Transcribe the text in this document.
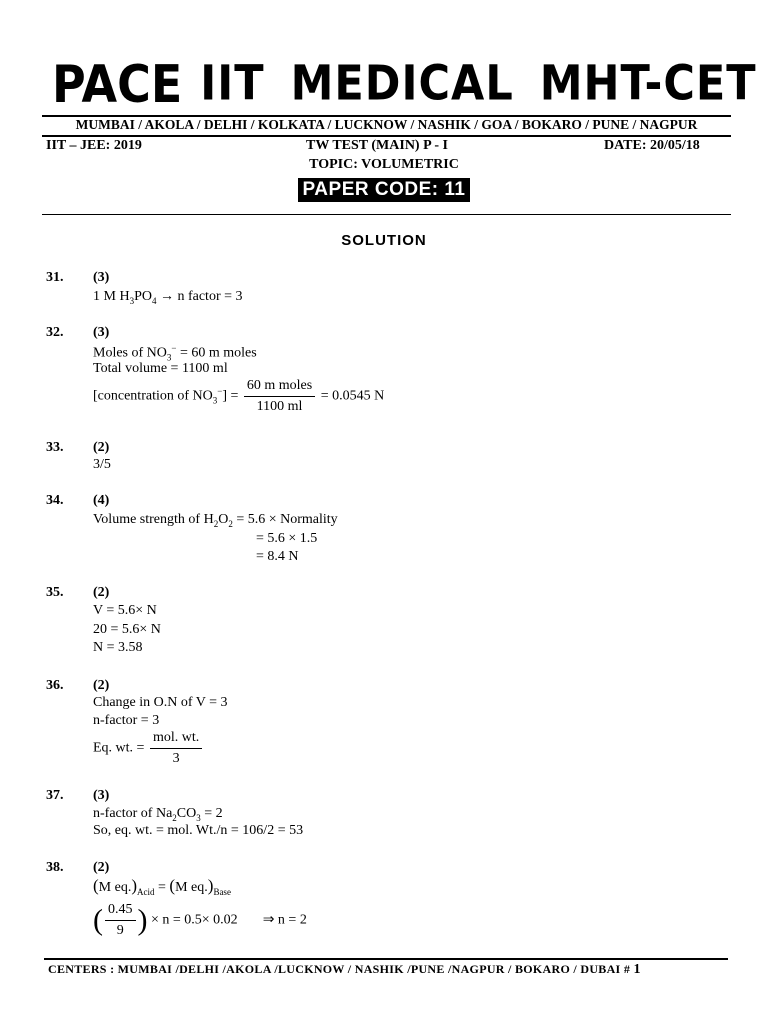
PACE IIT MEDICAL MHT-CET
MUMBAI / AKOLA / DELHI / KOLKATA / LUCKNOW / NASHIK / GOA / BOKARO / PUNE / NAGPUR
IIT – JEE: 2019	TW TEST (MAIN) P - I	DATE: 20/05/18
TOPIC: VOLUMETRIC
PAPER CODE: 11
SOLUTION
31. (3)
1 M $H_3PO_4 \to n$ factor = 3
32. (3)
Moles of $NO_3^- = 60$ m moles
Total volume = 1100 ml
[concentration of $NO_3^-] = \frac{\text{60 m moles}}{1100 ml} = 0.0545$ N
33. (2)
3/5
34. (4)
Volume strength of $H_2O_2 = 5.6$ × Normality
= 5.6 × 1.5
= 8.4 N
35. (2)
V = 5.6× N
20 = 5.6× N
N = 3.58
36. (2)
Change in O.N of V = 3
n-factor = 3
Eq. wt. = $\frac{\text{mol. wt.}}{3}$
37. (3)
n-factor of $Na_2CO_3 = 2$
So, eq. wt. = mol. Wt./n = 106/2 = 53
38. (2)
(M $eq.)_{Acid} = (M$ $eq.)_{Base}$
( $\frac{0.45}{9}$ ) × n = 0.5× 0.02 ⇒ n = 2
CENTERS : MUMBAI /DELHI /AKOLA /LUCKNOW / NASHIK /PUNE /NAGPUR / BOKARO / DUBAI # 1
